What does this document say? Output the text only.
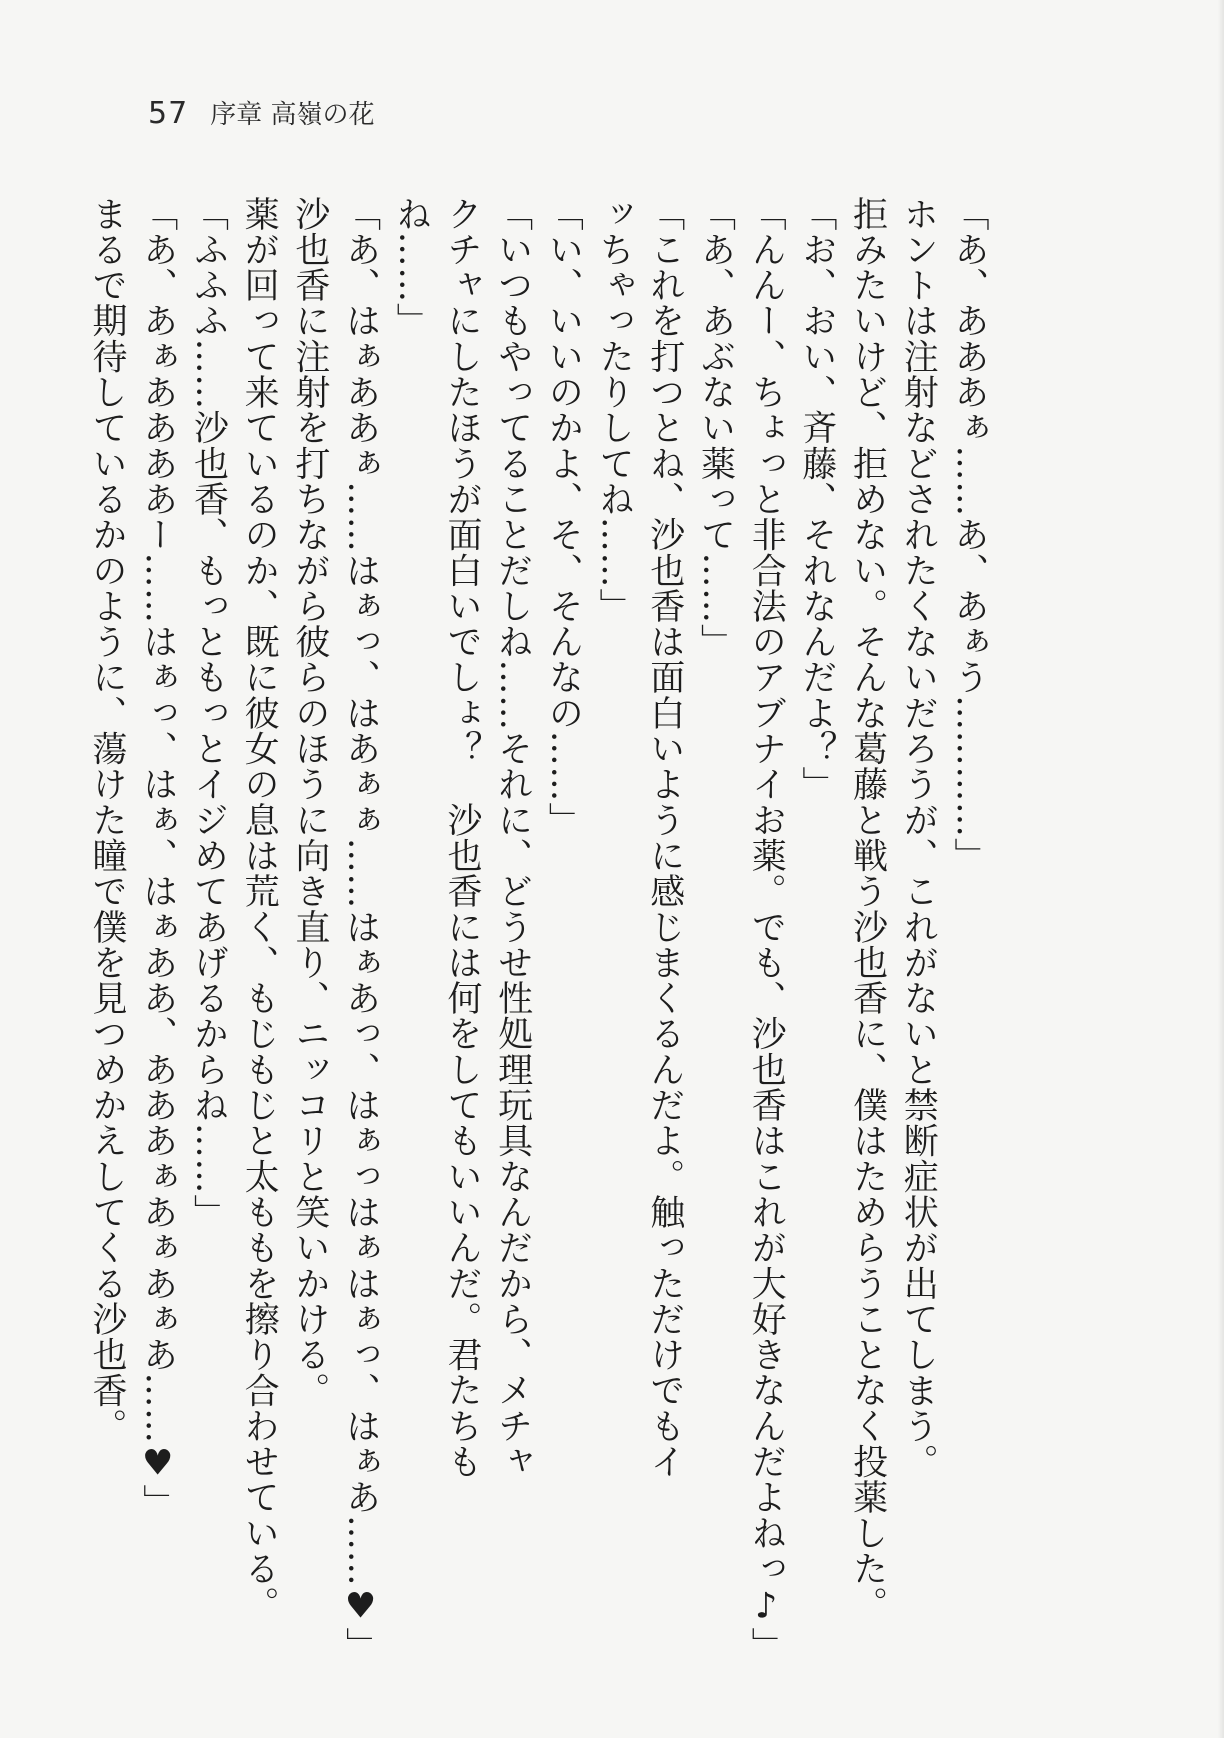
57 序章 高嶺の花

「あ、あああぁ……あ、あぁう…………」

ホントは注射などされたくないだろうが、これがないと禁断症状が出てしまう。

拒みたいけど、拒めない。そんな葛藤と戦う沙也香に、僕はためらうことなく投薬した。

「お、おい、斉藤、それなんだよ？」

「んんー、ちょっと非合法のアブナイお薬。でも、沙也香はこれが大好きなんだよねっ♪」

「あ、あぶない薬って……」

「これを打つとね、沙也香は面白いように感じまくるんだよ。触っただけでもイッちゃったりしてね……」

「い、いいのかよ、そ、そんなの……」

「いつもやってることだしね……それに、どうせ性処理玩具なんだから、メチャクチャにしたほうが面白いでしょ？　沙也香には何をしてもいいんだ。君たちもね……」

「あ、はぁああぁ……はぁっ、はあぁぁ……はぁあっ、はぁっはぁはぁっ、はぁあ……♥」

沙也香に注射を打ちながら彼らのほうに向き直り、ニッコリと笑いかける。

薬が回って来ているのか、既に彼女の息は荒く、もじもじと太ももを擦り合わせている。

「ふふふ……沙也香、もっともっとイジめてあげるからね……」

「あ、あぁああああー……はぁっ、はぁ、はぁああ、あああぁあぁあぁあ……♥」

まるで期待しているかのように、蕩けた瞳で僕を見つめかえしてくる沙也香。
